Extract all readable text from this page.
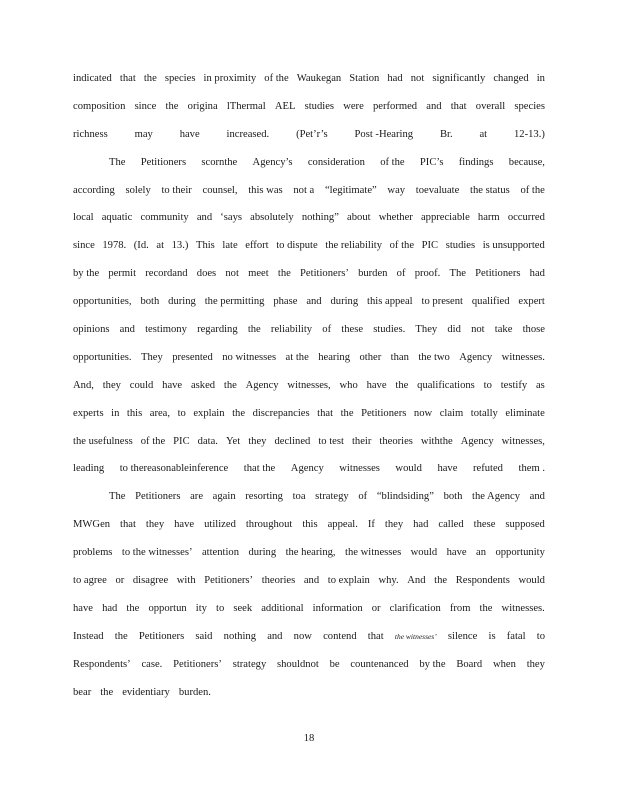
indicated that the species in proximity of the Waukegan Station had not significantly changed in
composition since the origina lThermal AEL studies were performed and that overall species
richness	may	have	increased.	(Pet’r’s	Post -Hearing	Br.	at	12-13.)
The Petitioners scornthe Agency’s consideration of the PIC’s findings because,
according solely to their counsel, this was not a “legitimate” way toevaluate the status of the
local aquatic community and ‘says absolutely nothing” about whether appreciable harm occurred
since 1978. (Id. at 13.) This late effort to dispute the reliability of the PIC studies is unsupported
by the permit recordand does not meet the Petitioners’ burden of proof. The Petitioners had
opportunities, both during the permitting phase and during this appeal to present qualified expert
opinions and testimony regarding the reliability of these studies. They did not take those
opportunities. They presented no witnesses at the hearing other than the two Agency witnesses.
And, they could have asked the Agency witnesses, who have the qualifications to testify as
experts in this area, to explain the discrepancies that the Petitioners now claim totally eliminate
the usefulness of the PIC data. Yet they declined to test their theories withthe Agency witnesses,
leading to thereasonableinference that the Agency witnesses would have refuted them .
The Petitioners are again resorting toa strategy of “blindsiding” both the Agency and
MWGen that they have utilized throughout this appeal. If they had called these supposed
problems to the witnesses’ attention during the hearing, the witnesses would have an opportunity
to agree or disagree with Petitioners’ theories and to explain why. And the Respondents would
have had the opportun ity to seek additional information or clarification from the witnesses.
Instead the Petitioners said nothing and now contend that the witnesses’ silence is fatal to
Respondents’ case. Petitioners’ strategy shouldnot be countenanced by the Board when they
bear the evidentiary burden.
18
